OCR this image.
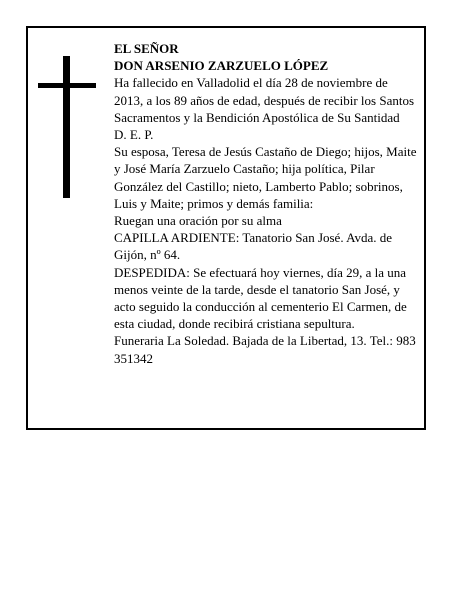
EL SEÑOR
DON ARSENIO ZARZUELO LÓPEZ
Ha fallecido en Valladolid el día 28 de noviembre de 2013, a los 89 años de edad, después de recibir los Santos Sacramentos y la Bendición Apostólica de Su Santidad
D. E. P.
Su esposa, Teresa de Jesús Castaño de Diego; hijos, Maite y José María Zarzuelo Castaño; hija política, Pilar González del Castillo; nieto, Lamberto Pablo; sobrinos, Luis y Maite; primos y demás familia:
Ruegan una oración por su alma
CAPILLA ARDIENTE: Tanatorio San José. Avda. de Gijón, nº 64.
DESPEDIDA: Se efectuará hoy viernes, día 29, a la una menos veinte de la tarde, desde el tanatorio San José, y acto seguido la conducción al cementerio El Carmen, de esta ciudad, donde recibirá cristiana sepultura.
Funeraria La Soledad. Bajada de la Libertad, 13. Tel.: 983 351342
